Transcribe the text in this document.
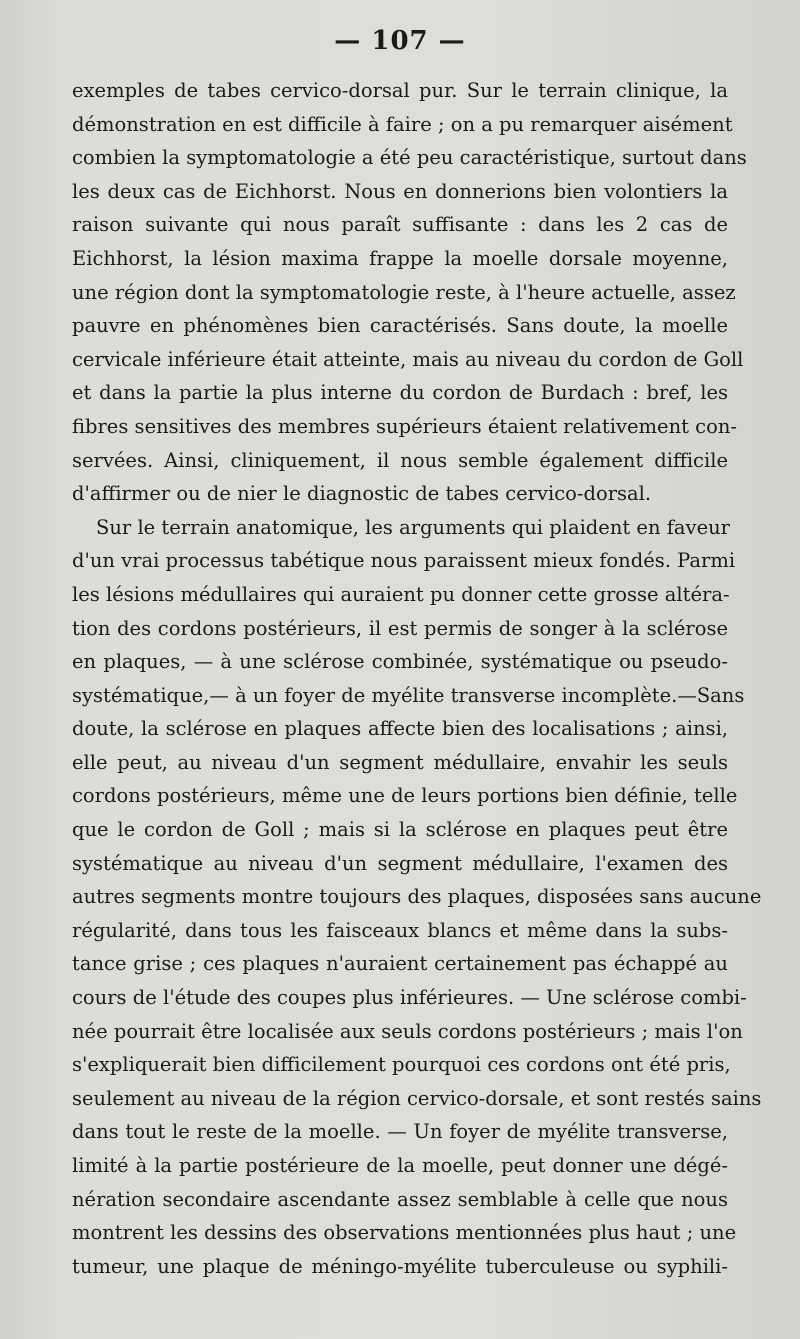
— 107 —
exemples de tabes cervico-dorsal pur. Sur le terrain clinique, la
démonstration en est difficile à faire ; on a pu remarquer aisément
combien la symptomatologie a été peu caractéristique, surtout dans
les deux cas de Eichhorst. Nous en donnerions bien volontiers la
raison suivante qui nous paraît suffisante : dans les 2 cas de
Eichhorst, la lésion maxima frappe la moelle dorsale moyenne,
une région dont la symptomatologie reste, à l'heure actuelle, assez
pauvre en phénomènes bien caractérisés. Sans doute, la moelle
cervicale inférieure était atteinte, mais au niveau du cordon de Goll
et dans la partie la plus interne du cordon de Burdach : bref, les
fibres sensitives des membres supérieurs étaient relativement con-
servées. Ainsi, cliniquement, il nous semble également difficile
d'affirmer ou de nier le diagnostic de tabes cervico-dorsal.
Sur le terrain anatomique, les arguments qui plaident en faveur
d'un vrai processus tabétique nous paraissent mieux fondés. Parmi
les lésions médullaires qui auraient pu donner cette grosse altéra-
tion des cordons postérieurs, il est permis de songer à la sclérose
en plaques, — à une sclérose combinée, systématique ou pseudo-
systématique,— à un foyer de myélite transverse incomplète.—Sans
doute, la sclérose en plaques affecte bien des localisations ; ainsi,
elle peut, au niveau d'un segment médullaire, envahir les seuls
cordons postérieurs, même une de leurs portions bien définie, telle
que le cordon de Goll ; mais si la sclérose en plaques peut être
systématique au niveau d'un segment médullaire, l'examen des
autres segments montre toujours des plaques, disposées sans aucune
régularité, dans tous les faisceaux blancs et même dans la subs-
tance grise ; ces plaques n'auraient certainement pas échappé au
cours de l'étude des coupes plus inférieures. — Une sclérose combi-
née pourrait être localisée aux seuls cordons postérieurs ; mais l'on
s'expliquerait bien difficilement pourquoi ces cordons ont été pris,
seulement au niveau de la région cervico-dorsale, et sont restés sains
dans tout le reste de la moelle. — Un foyer de myélite transverse,
limité à la partie postérieure de la moelle, peut donner une dégé-
nération secondaire ascendante assez semblable à celle que nous
montrent les dessins des observations mentionnées plus haut ; une
tumeur, une plaque de méningo-myélite tuberculeuse ou syphili-
